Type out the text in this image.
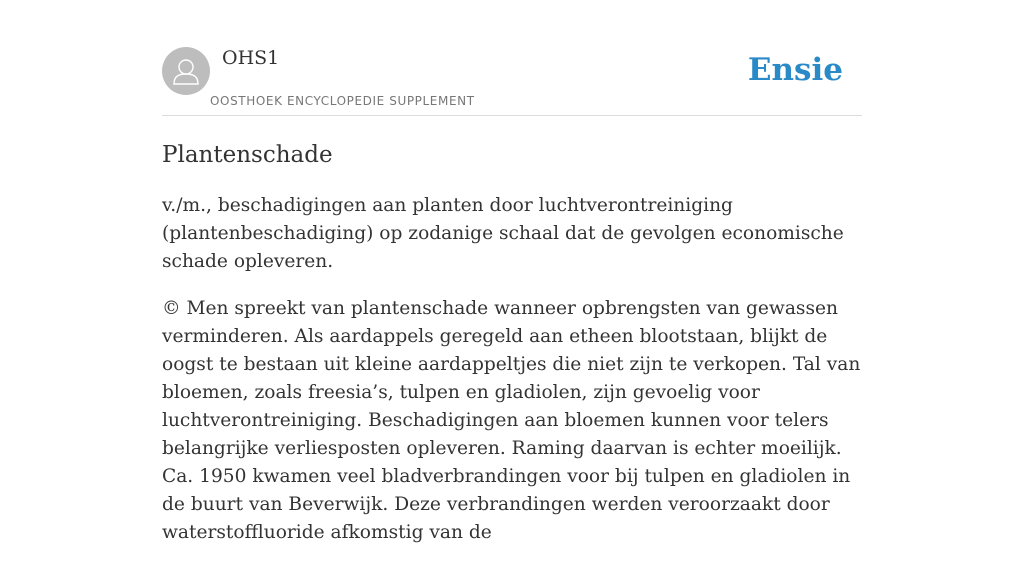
OHS1
OOSTHOEK ENCYCLOPEDIE SUPPLEMENT
Ensie
Plantenschade

v./m., beschadigingen aan planten door luchtverontreiniging (plantenbeschadiging) op zodanige schaal dat de gevolgen economische schade opleveren.

© Men spreekt van plantenschade wanneer opbrengsten van gewassen verminderen. Als aardappels geregeld aan etheen blootstaan, blijkt de oogst te bestaan uit kleine aardappeltjes die niet zijn te verkopen. Tal van bloemen, zoals freesia’s, tulpen en gladiolen, zijn gevoelig voor luchtverontreiniging. Beschadigingen aan bloemen kunnen voor telers belangrijke verliesposten opleveren. Raming daarvan is echter moeilijk. Ca. 1950 kwamen veel bladverbrandingen voor bij tulpen en gladiolen in de buurt van Beverwijk. Deze verbrandingen werden veroorzaakt door waterstoffluoride afkomstig van de
